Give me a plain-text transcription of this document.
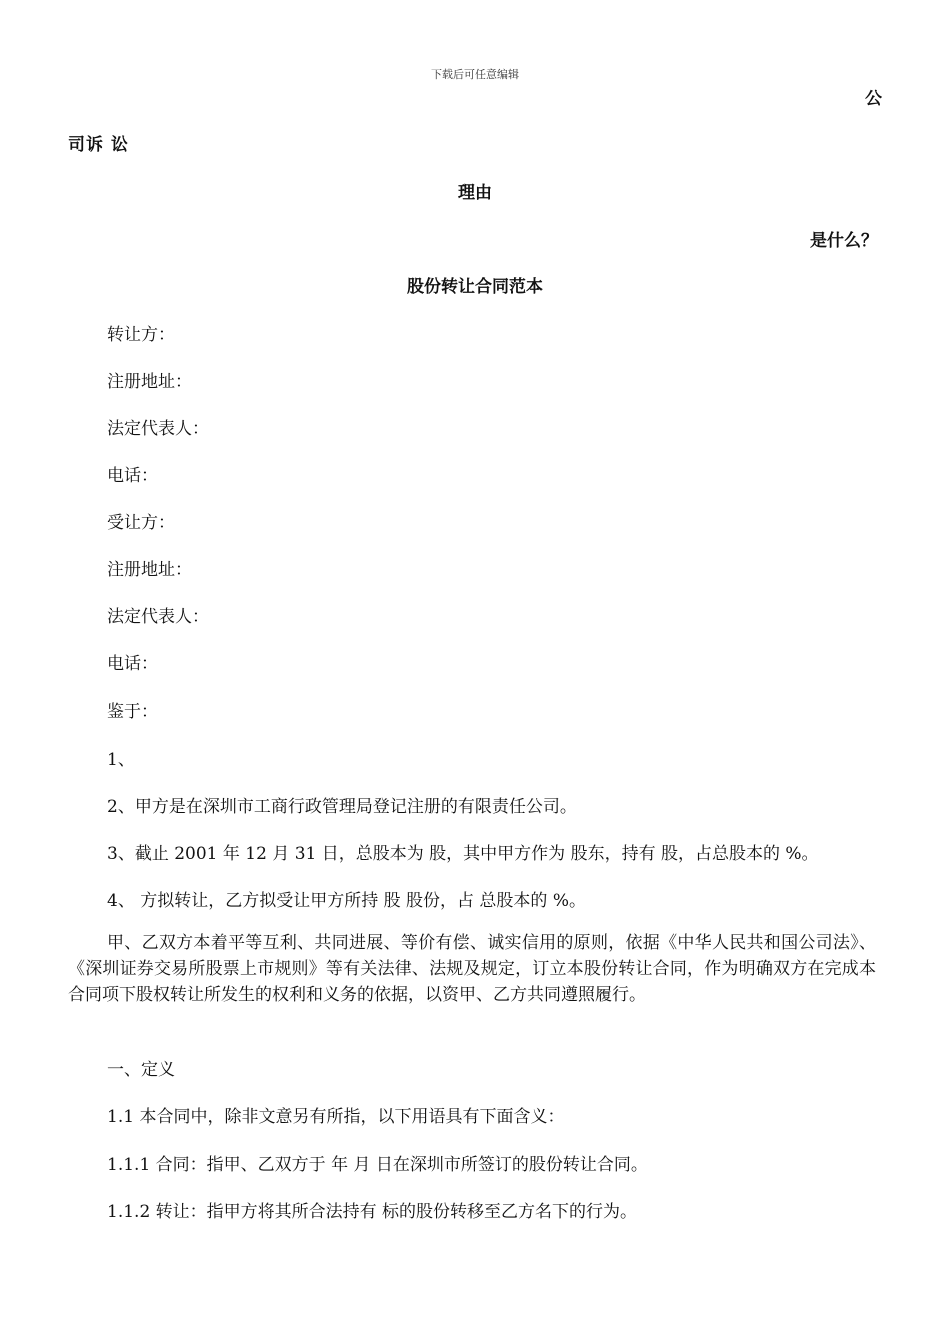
下载后可任意编辑
公
司诉 讼
理由
是什么？
股份转让合同范本
转让方：
注册地址：
法定代表人：
电话：
受让方：
注册地址：
法定代表人：
电话：
鉴于：
1、
2、甲方是在深圳市工商行政管理局登记注册的有限责任公司。
3、截止 2001 年 12 月 31 日，总股本为 股，其中甲方作为 股东，持有 股，占总股本的 %。
4、 方拟转让，乙方拟受让甲方所持 股 股份，占 总股本的 %。
甲、乙双方本着平等互利、共同进展、等价有偿、诚实信用的原则，依据《中华人民共和国公司法》、《深圳证券交易所股票上市规则》等有关法律、法规及规定，订立本股份转让合同，作为明确双方在完成本合同项下股权转让所发生的权利和义务的依据，以资甲、乙方共同遵照履行。
一、定义
1.1 本合同中，除非文意另有所指，以下用语具有下面含义：
1.1.1 合同：指甲、乙双方于 年 月 日在深圳市所签订的股份转让合同。
1.1.2 转让：指甲方将其所合法持有 标的股份转移至乙方名下的行为。
